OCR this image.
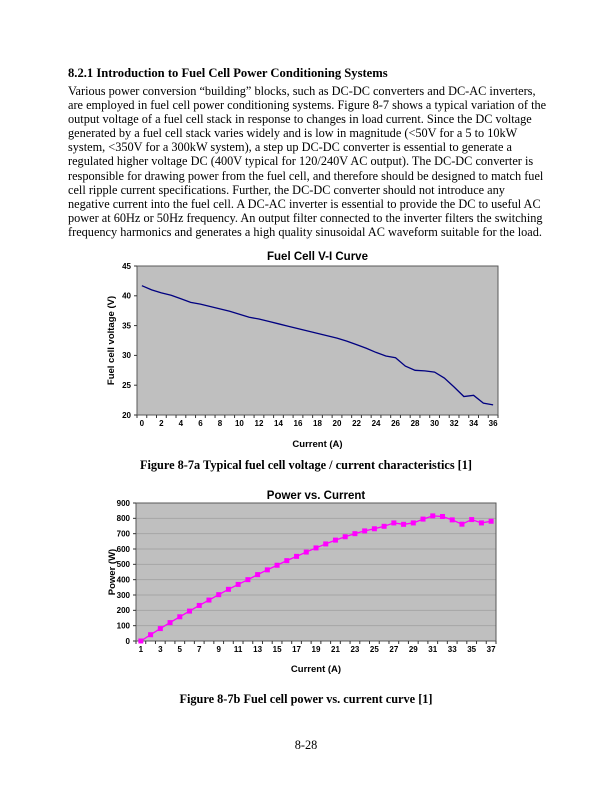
8.2.1 Introduction to Fuel Cell Power Conditioning Systems

Various power conversion “building” blocks, such as DC-DC converters and DC-AC inverters, are employed in fuel cell power conditioning systems. Figure 8-7 shows a typical variation of the output voltage of a fuel cell stack in response to changes in load current. Since the DC voltage generated by a fuel cell stack varies widely and is low in magnitude (<50V for a 5 to 10kW system, <350V for a 300kW system), a step up DC-DC converter is essential to generate a regulated higher voltage DC (400V typical for 120/240V AC output). The DC-DC converter is responsible for drawing power from the fuel cell, and therefore should be designed to match fuel cell ripple current specifications. Further, the DC-DC converter should not introduce any negative current into the fuel cell. A DC-AC inverter is essential to provide the DC to useful AC power at 60Hz or 50Hz frequency. An output filter connected to the inverter filters the switching frequency harmonics and generates a high quality sinusoidal AC waveform suitable for the load.

20
25
30
35
40
45
0 2 4 6 8 10 12 14 16 18 20 22 24 26 28 30 32 34 36
Fuel Cell V-I Curve
Current (A)
Fuel cell voltage (V)
Figure 8-7a Typical fuel cell voltage / current characteristics [1]
0
100
200
300
400
500
600
700
800
900
1 3 5 7 9 11 13 15 17 19 21 23 25 27 29 31 33 35 37
Power vs. Current
Current (A)
Power (W)
Figure 8-7b Fuel cell power vs. current curve [1]
8-28
